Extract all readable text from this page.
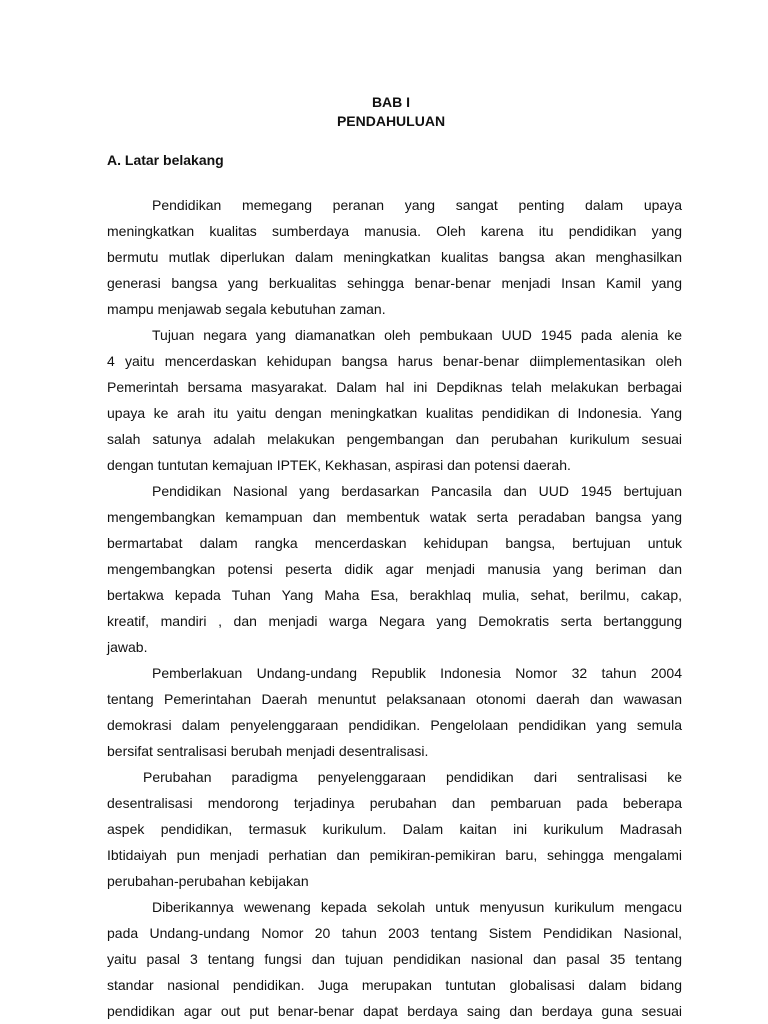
BAB I
PENDAHULUAN
A. Latar belakang
Pendidikan memegang peranan yang sangat penting dalam upaya
meningkatkan kualitas sumberdaya manusia. Oleh karena itu pendidikan yang
bermutu mutlak diperlukan dalam meningkatkan kualitas bangsa akan menghasilkan
generasi bangsa yang berkualitas sehingga benar-benar menjadi Insan Kamil yang
mampu menjawab segala kebutuhan zaman.
Tujuan negara yang diamanatkan oleh pembukaan UUD 1945 pada alenia ke
4 yaitu mencerdaskan kehidupan bangsa harus benar-benar diimplementasikan oleh
Pemerintah bersama masyarakat. Dalam hal ini Depdiknas telah melakukan berbagai
upaya ke arah itu yaitu dengan meningkatkan kualitas pendidikan di Indonesia. Yang
salah satunya adalah melakukan pengembangan dan perubahan kurikulum sesuai
dengan tuntutan kemajuan IPTEK, Kekhasan, aspirasi dan potensi daerah.
Pendidikan Nasional yang berdasarkan Pancasila dan UUD 1945 bertujuan
mengembangkan kemampuan dan membentuk watak serta peradaban bangsa yang
bermartabat dalam rangka mencerdaskan kehidupan bangsa, bertujuan untuk
mengembangkan potensi peserta didik agar menjadi manusia yang beriman dan
bertakwa kepada Tuhan Yang Maha Esa, berakhlaq mulia, sehat, berilmu, cakap,
kreatif, mandiri , dan menjadi warga Negara yang Demokratis serta bertanggung
jawab.
Pemberlakuan Undang-undang Republik Indonesia Nomor 32 tahun 2004
tentang Pemerintahan Daerah menuntut pelaksanaan otonomi daerah dan wawasan
demokrasi dalam penyelenggaraan pendidikan. Pengelolaan pendidikan yang semula
bersifat sentralisasi berubah menjadi desentralisasi.
Perubahan paradigma penyelenggaraan pendidikan dari sentralisasi ke
desentralisasi mendorong terjadinya perubahan dan pembaruan pada beberapa
aspek pendidikan, termasuk kurikulum. Dalam kaitan ini kurikulum Madrasah
Ibtidaiyah pun menjadi perhatian dan pemikiran-pemikiran baru, sehingga mengalami
perubahan-perubahan kebijakan
Diberikannya wewenang kepada sekolah untuk menyusun kurikulum mengacu
pada Undang-undang Nomor 20 tahun 2003 tentang Sistem Pendidikan Nasional,
yaitu pasal 3 tentang fungsi dan tujuan pendidikan nasional dan pasal 35 tentang
standar nasional pendidikan. Juga merupakan tuntutan globalisasi dalam bidang
pendidikan agar out put benar-benar dapat berdaya saing dan berdaya guna sesuai
